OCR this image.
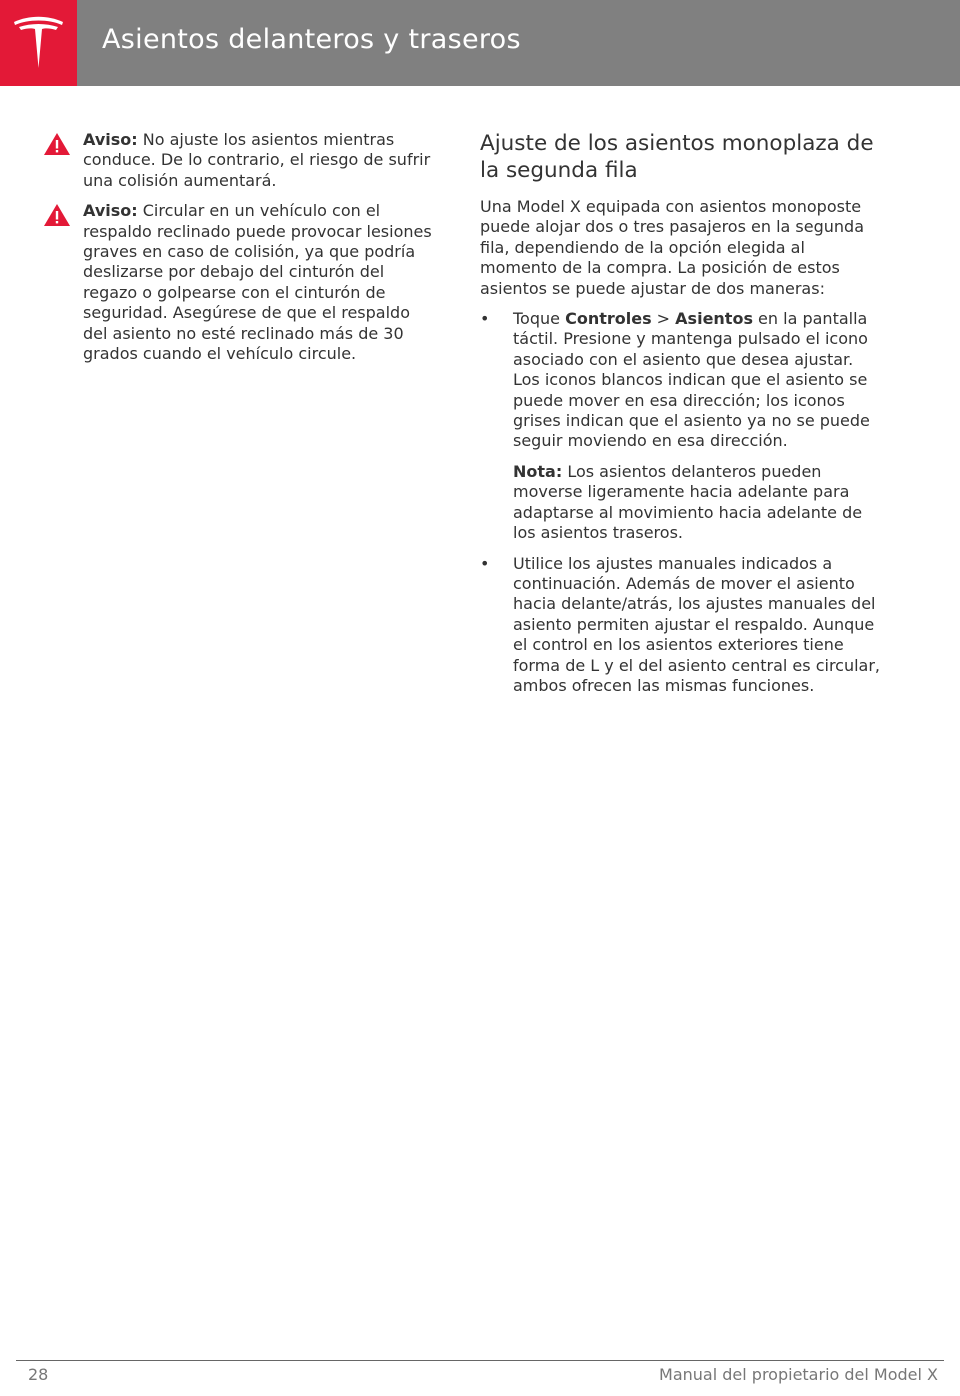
Asientos delanteros y traseros
Aviso: No ajuste los asientos mientras conduce. De lo contrario, el riesgo de sufrir una colisión aumentará.
Aviso: Circular en un vehículo con el respaldo reclinado puede provocar lesiones graves en caso de colisión, ya que podría deslizarse por debajo del cinturón del regazo o golpearse con el cinturón de seguridad. Asegúrese de que el respaldo del asiento no esté reclinado más de 30 grados cuando el vehículo circule.
Ajuste de los asientos monoplaza de la segunda fila

Una Model X equipada con asientos monoposte puede alojar dos o tres pasajeros en la segunda fila, dependiendo de la opción elegida al momento de la compra. La posición de estos asientos se puede ajustar de dos maneras:

• Toque Controles > Asientos en la pantalla táctil. Presione y mantenga pulsado el icono asociado con el asiento que desea ajustar. Los iconos blancos indican que el asiento se puede mover en esa dirección; los iconos grises indican que el asiento ya no se puede seguir moviendo en esa dirección.
Nota: Los asientos delanteros pueden moverse ligeramente hacia adelante para adaptarse al movimiento hacia adelante de los asientos traseros.
• Utilice los ajustes manuales indicados a continuación. Además de mover el asiento hacia delante/atrás, los ajustes manuales del asiento permiten ajustar el respaldo. Aunque el control en los asientos exteriores tiene forma de L y el del asiento central es circular, ambos ofrecen las mismas funciones.
28	Manual del propietario del Model X
